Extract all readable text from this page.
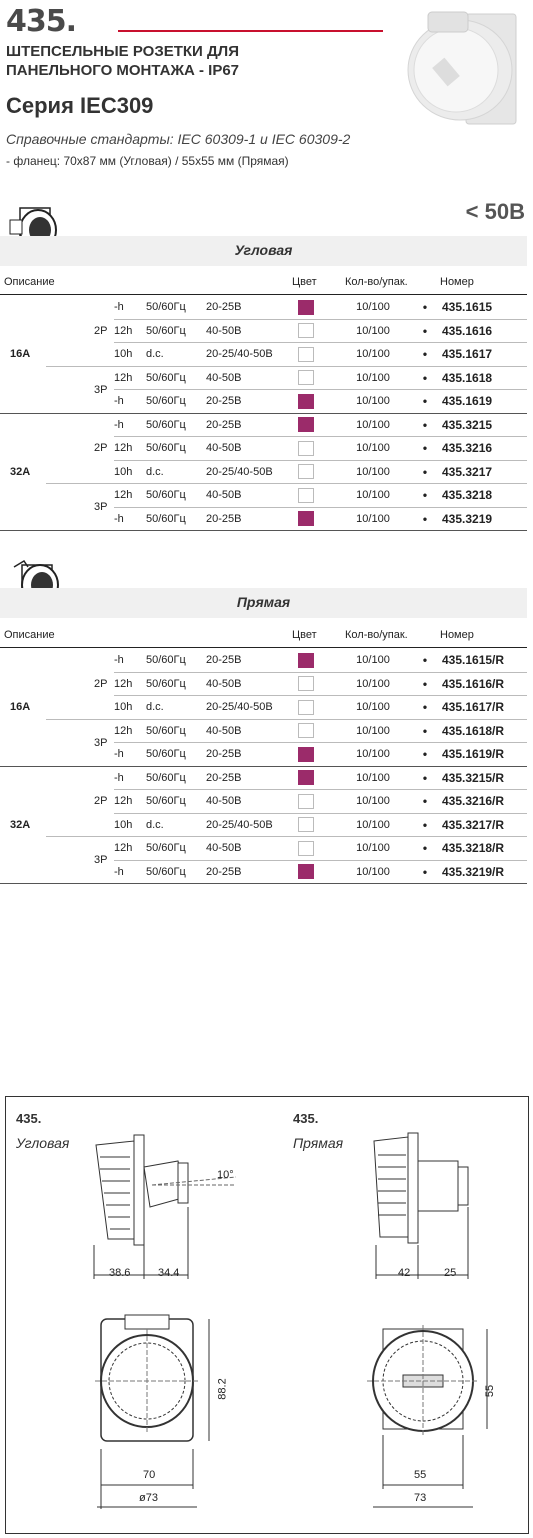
435.
ШТЕПСЕЛЬНЫЕ РОЗЕТКИ ДЛЯ
ПАНЕЛЬНОГО МОНТАЖА - IP67
Серия IEC309
Справочные стандарты: IEC 60309-1 и IEC 60309-2
- фланец: 70x87 мм (Угловая) / 55x55 мм (Прямая)
< 50В
Угловая
Описание	Цвет	Кол-во/упак.	Номер
16A	2P	-h	50/60Гц	20-25В		10/100	•	435.1615
		12h	50/60Гц	40-50В		10/100	•	435.1616
		10h	d.c.	20-25/40-50В		10/100	•	435.1617
	3P	12h	50/60Гц	40-50В		10/100	•	435.1618
		-h	50/60Гц	20-25В		10/100	•	435.1619
32A	2P	-h	50/60Гц	20-25В		10/100	•	435.3215
		12h	50/60Гц	40-50В		10/100	•	435.3216
		10h	d.c.	20-25/40-50В		10/100	•	435.3217
	3P	12h	50/60Гц	40-50В		10/100	•	435.3218
		-h	50/60Гц	20-25В		10/100	•	435.3219
Прямая
Описание	Цвет	Кол-во/упак.	Номер
16A	2P	-h	50/60Гц	20-25В		10/100	•	435.1615/R
		12h	50/60Гц	40-50В		10/100	•	435.1616/R
		10h	d.c.	20-25/40-50В		10/100	•	435.1617/R
	3P	12h	50/60Гц	40-50В		10/100	•	435.1618/R
		-h	50/60Гц	20-25В		10/100	•	435.1619/R
32A	2P	-h	50/60Гц	20-25В		10/100	•	435.3215/R
		12h	50/60Гц	40-50В		10/100	•	435.3216/R
		10h	d.c.	20-25/40-50В		10/100	•	435.3217/R
	3P	12h	50/60Гц	40-50В		10/100	•	435.3218/R
		-h	50/60Гц	20-25В		10/100	•	435.3219/R
435.
Угловая
435.
Прямая
10°
38.6	34.4
88.2
70
ø73
42	25
55
55
73
